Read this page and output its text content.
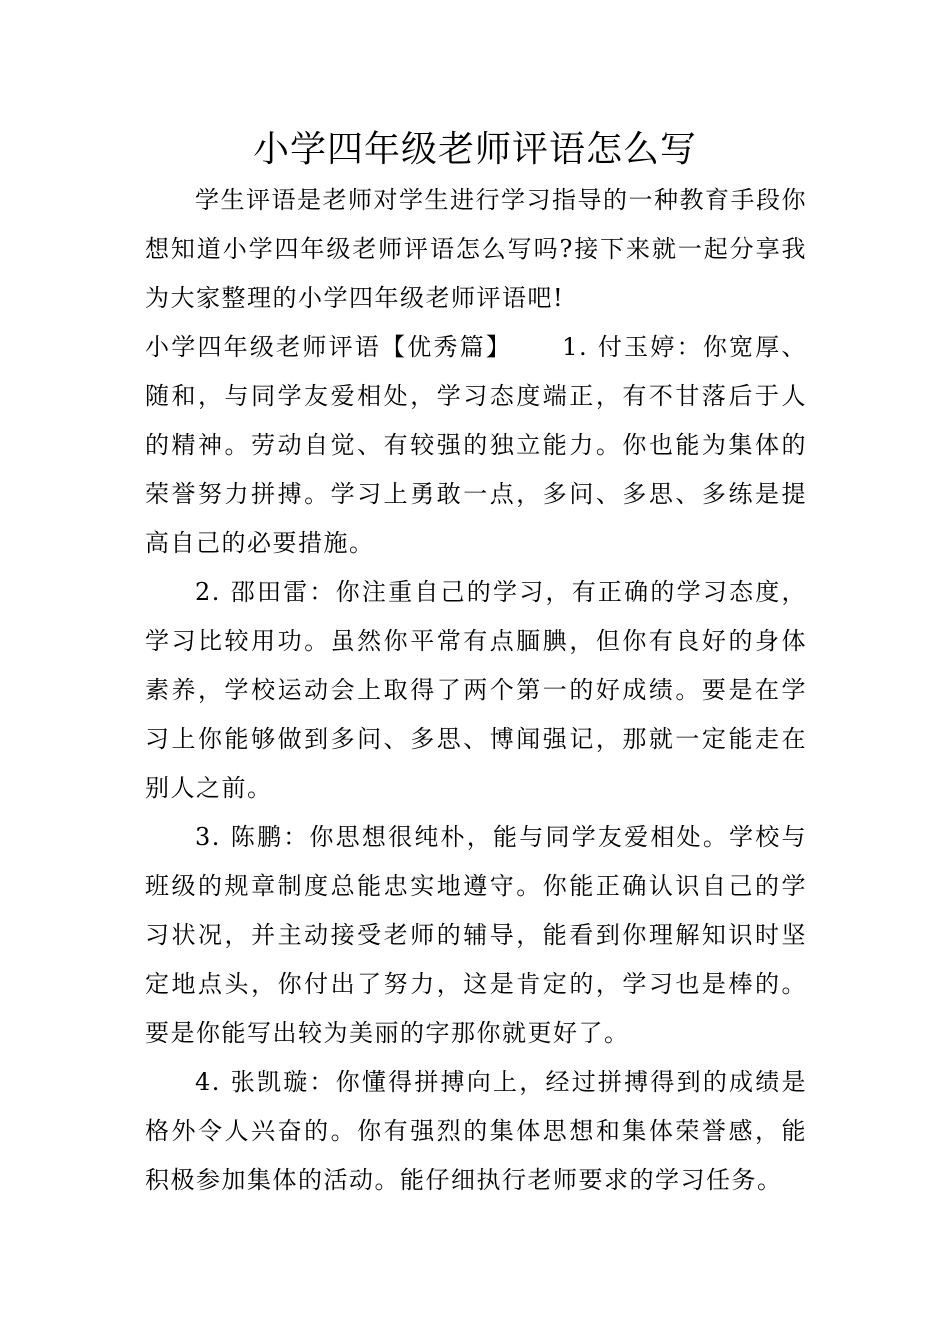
小学四年级老师评语怎么写

学生评语是老师对学生进行学习指导的一种教育手段你想知道小学四年级老师评语怎么写吗?接下来就一起分享我为大家整理的小学四年级老师评语吧!

小学四年级老师评语【优秀篇】 1. 付玉婷：你宽厚、随和，与同学友爱相处，学习态度端正，有不甘落后于人的精神。劳动自觉、有较强的独立能力。你也能为集体的荣誉努力拼搏。学习上勇敢一点，多问、多思、多练是提高自己的必要措施。

2. 邵田雷：你注重自己的学习，有正确的学习态度，学习比较用功。虽然你平常有点腼腆，但你有良好的身体素养，学校运动会上取得了两个第一的好成绩。要是在学习上你能够做到多问、多思、博闻强记，那就一定能走在别人之前。

3. 陈鹏：你思想很纯朴，能与同学友爱相处。学校与班级的规章制度总能忠实地遵守。你能正确认识自己的学习状况，并主动接受老师的辅导，能看到你理解知识时坚定地点头，你付出了努力，这是肯定的，学习也是棒的。要是你能写出较为美丽的字那你就更好了。

4. 张凯璇：你懂得拼搏向上，经过拼搏得到的成绩是格外令人兴奋的。你有强烈的集体思想和集体荣誉感，能积极参加集体的活动。能仔细执行老师要求的学习任务。
